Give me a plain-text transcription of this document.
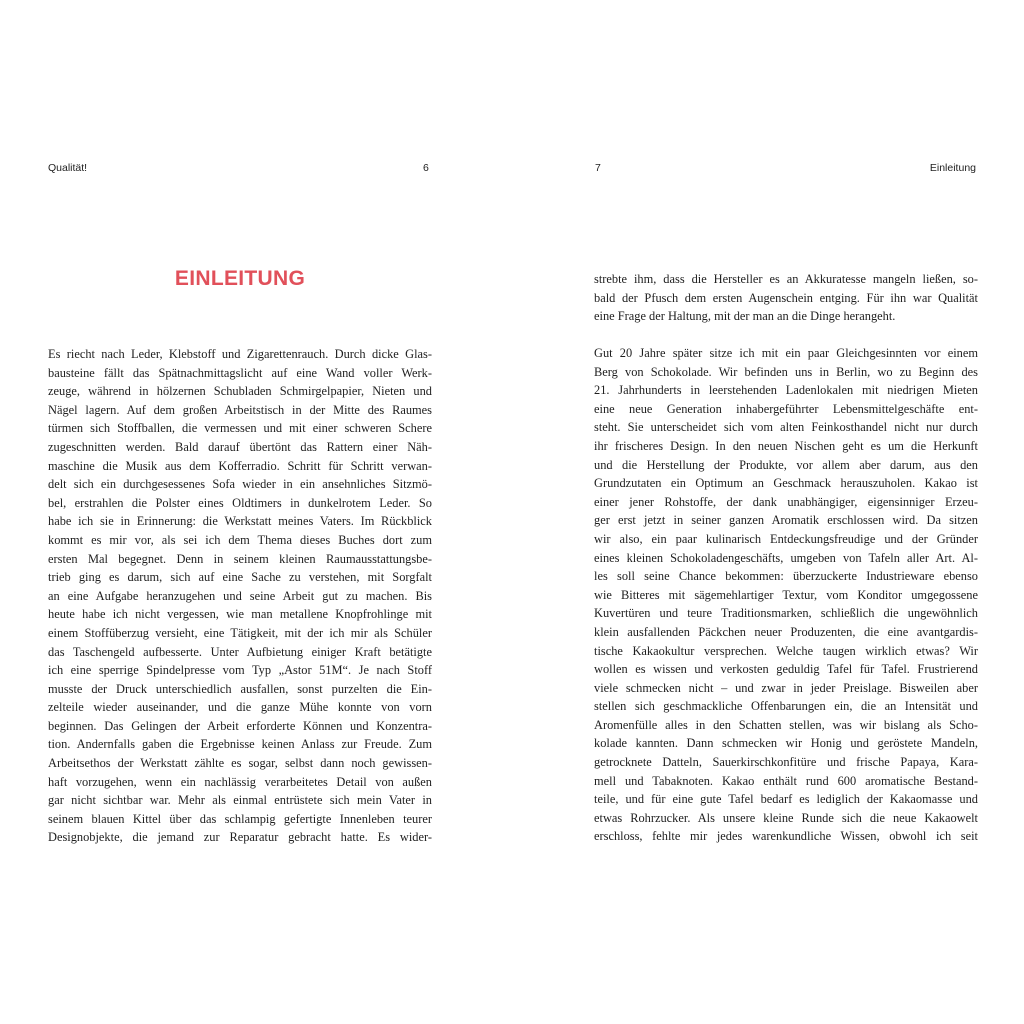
Qualität!	6
EINLEITUNG
Es riecht nach Leder, Klebstoff und Zigarettenrauch. Durch dicke Glas-
bausteine fällt das Spätnachmittagslicht auf eine Wand voller Werk-
zeuge, während in hölzernen Schubladen Schmirgelpapier, Nieten und
Nägel lagern. Auf dem großen Arbeitstisch in der Mitte des Raumes
türmen sich Stoffballen, die vermessen und mit einer schweren Schere
zugeschnitten werden. Bald darauf übertönt das Rattern einer Näh-
maschine die Musik aus dem Kofferradio. Schritt für Schritt verwan-
delt sich ein durchgesessenes Sofa wieder in ein ansehnliches Sitzmö-
bel, erstrahlen die Polster eines Oldtimers in dunkelrotem Leder. So
habe ich sie in Erinnerung: die Werkstatt meines Vaters. Im Rückblick
kommt es mir vor, als sei ich dem Thema dieses Buches dort zum
ersten Mal begegnet. Denn in seinem kleinen Raumausstattungsbe-
trieb ging es darum, sich auf eine Sache zu verstehen, mit Sorgfalt
an eine Aufgabe heranzugehen und seine Arbeit gut zu machen. Bis
heute habe ich nicht vergessen, wie man metallene Knopfrohlinge mit
einem Stoffüberzug versieht, eine Tätigkeit, mit der ich mir als Schüler
das Taschengeld aufbesserte. Unter Aufbietung einiger Kraft betätigte
ich eine sperrige Spindelpresse vom Typ „Astor 51M“. Je nach Stoff
musste der Druck unterschiedlich ausfallen, sonst purzelten die Ein-
zelteile wieder auseinander, und die ganze Mühe konnte von vorn
beginnen. Das Gelingen der Arbeit erforderte Können und Konzentra-
tion. Andernfalls gaben die Ergebnisse keinen Anlass zur Freude. Zum
Arbeitsethos der Werkstatt zählte es sogar, selbst dann noch gewissen-
haft vorzugehen, wenn ein nachlässig verarbeitetes Detail von außen
gar nicht sichtbar war. Mehr als einmal entrüstete sich mein Vater in
seinem blauen Kittel über das schlampig gefertigte Innenleben teurer
Designobjekte, die jemand zur Reparatur gebracht hatte. Es wider-
7	Einleitung
strebte ihm, dass die Hersteller es an Akkuratesse mangeln ließen, so-
bald der Pfusch dem ersten Augenschein entging. Für ihn war Qualität
eine Frage der Haltung, mit der man an die Dinge herangeht.
Gut 20 Jahre später sitze ich mit ein paar Gleichgesinnten vor einem
Berg von Schokolade. Wir befinden uns in Berlin, wo zu Beginn des
21. Jahrhunderts in leerstehenden Ladenlokalen mit niedrigen Mieten
eine neue Generation inhabergeführter Lebensmittelgeschäfte ent-
steht. Sie unterscheidet sich vom alten Feinkosthandel nicht nur durch
ihr frischeres Design. In den neuen Nischen geht es um die Herkunft
und die Herstellung der Produkte, vor allem aber darum, aus den
Grundzutaten ein Optimum an Geschmack herauszuholen. Kakao ist
einer jener Rohstoffe, der dank unabhängiger, eigensinniger Erzeu-
ger erst jetzt in seiner ganzen Aromatik erschlossen wird. Da sitzen
wir also, ein paar kulinarisch Entdeckungsfreudige und der Gründer
eines kleinen Schokoladengeschäfts, umgeben von Tafeln aller Art. Al-
les soll seine Chance bekommen: überzuckerte Industrieware ebenso
wie Bitteres mit sägemehlartiger Textur, vom Konditor umgegossene
Kuvertüren und teure Traditionsmarken, schließlich die ungewöhnlich
klein ausfallenden Päckchen neuer Produzenten, die eine avantgardis-
tische Kakaokultur versprechen. Welche taugen wirklich etwas? Wir
wollen es wissen und verkosten geduldig Tafel für Tafel. Frustrierend
viele schmecken nicht – und zwar in jeder Preislage. Bisweilen aber
stellen sich geschmackliche Offenbarungen ein, die an Intensität und
Aromenfülle alles in den Schatten stellen, was wir bislang als Scho-
kolade kannten. Dann schmecken wir Honig und geröstete Mandeln,
getrocknete Datteln, Sauerkirschkonfitüre und frische Papaya, Kara-
mell und Tabaknoten. Kakao enthält rund 600 aromatische Bestand-
teile, und für eine gute Tafel bedarf es lediglich der Kakaomasse und
etwas Rohrzucker. Als unsere kleine Runde sich die neue Kakaowelt
erschloss, fehlte mir jedes warenkundliche Wissen, obwohl ich seit
